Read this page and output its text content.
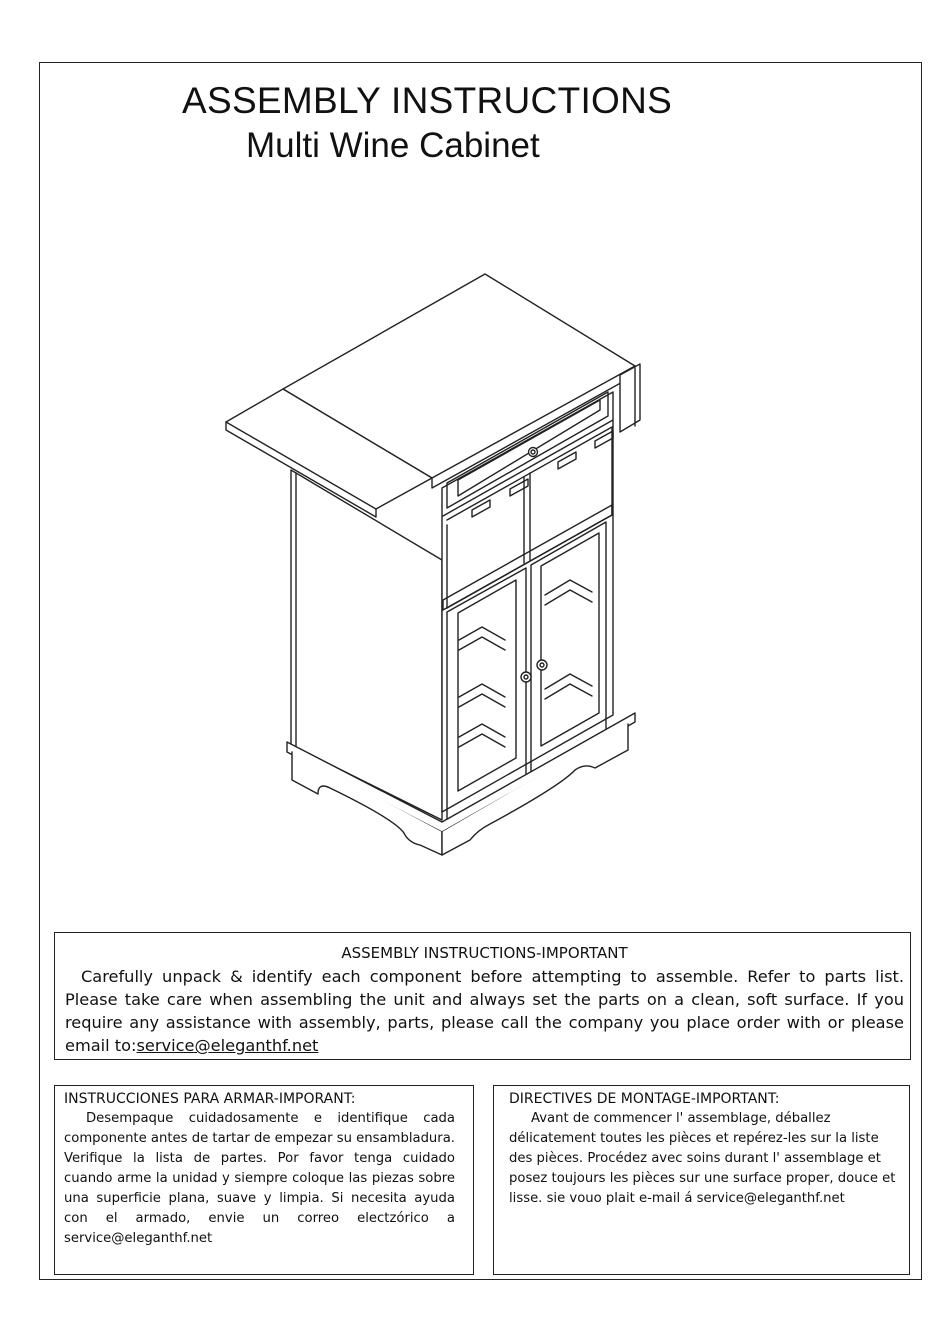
ASSEMBLY INSTRUCTIONS
Multi Wine Cabinet
ASSEMBLY INSTRUCTIONS-IMPORTANT
Carefully unpack & identify each component before attempting to assemble. Refer to parts list. Please take care when assembling the unit and always set the parts on a clean, soft surface. If you require any assistance with assembly, parts, please call the company you place order with or please email to:service@eleganthf.net
INSTRUCCIONES PARA ARMAR-IMPORANT:
Desempaque cuidadosamente e identifique cada componente antes de tartar de empezar su ensambladura. Verifique la lista de partes. Por favor tenga cuidado cuando arme la unidad y siempre coloque las piezas sobre una superficie plana, suave y limpia. Si necesita ayuda con el armado, envie un correo electzórico a service@eleganthf.net
DIRECTIVES DE MONTAGE-IMPORTANT:
Avant de commencer l' assemblage, déballez délicatement toutes les pièces et repérez-les sur la liste des pièces. Procédez avec soins durant l' assemblage et posez toujours les pièces sur une surface proper, douce et lisse. sie vouo plait e-mail á service@eleganthf.net
